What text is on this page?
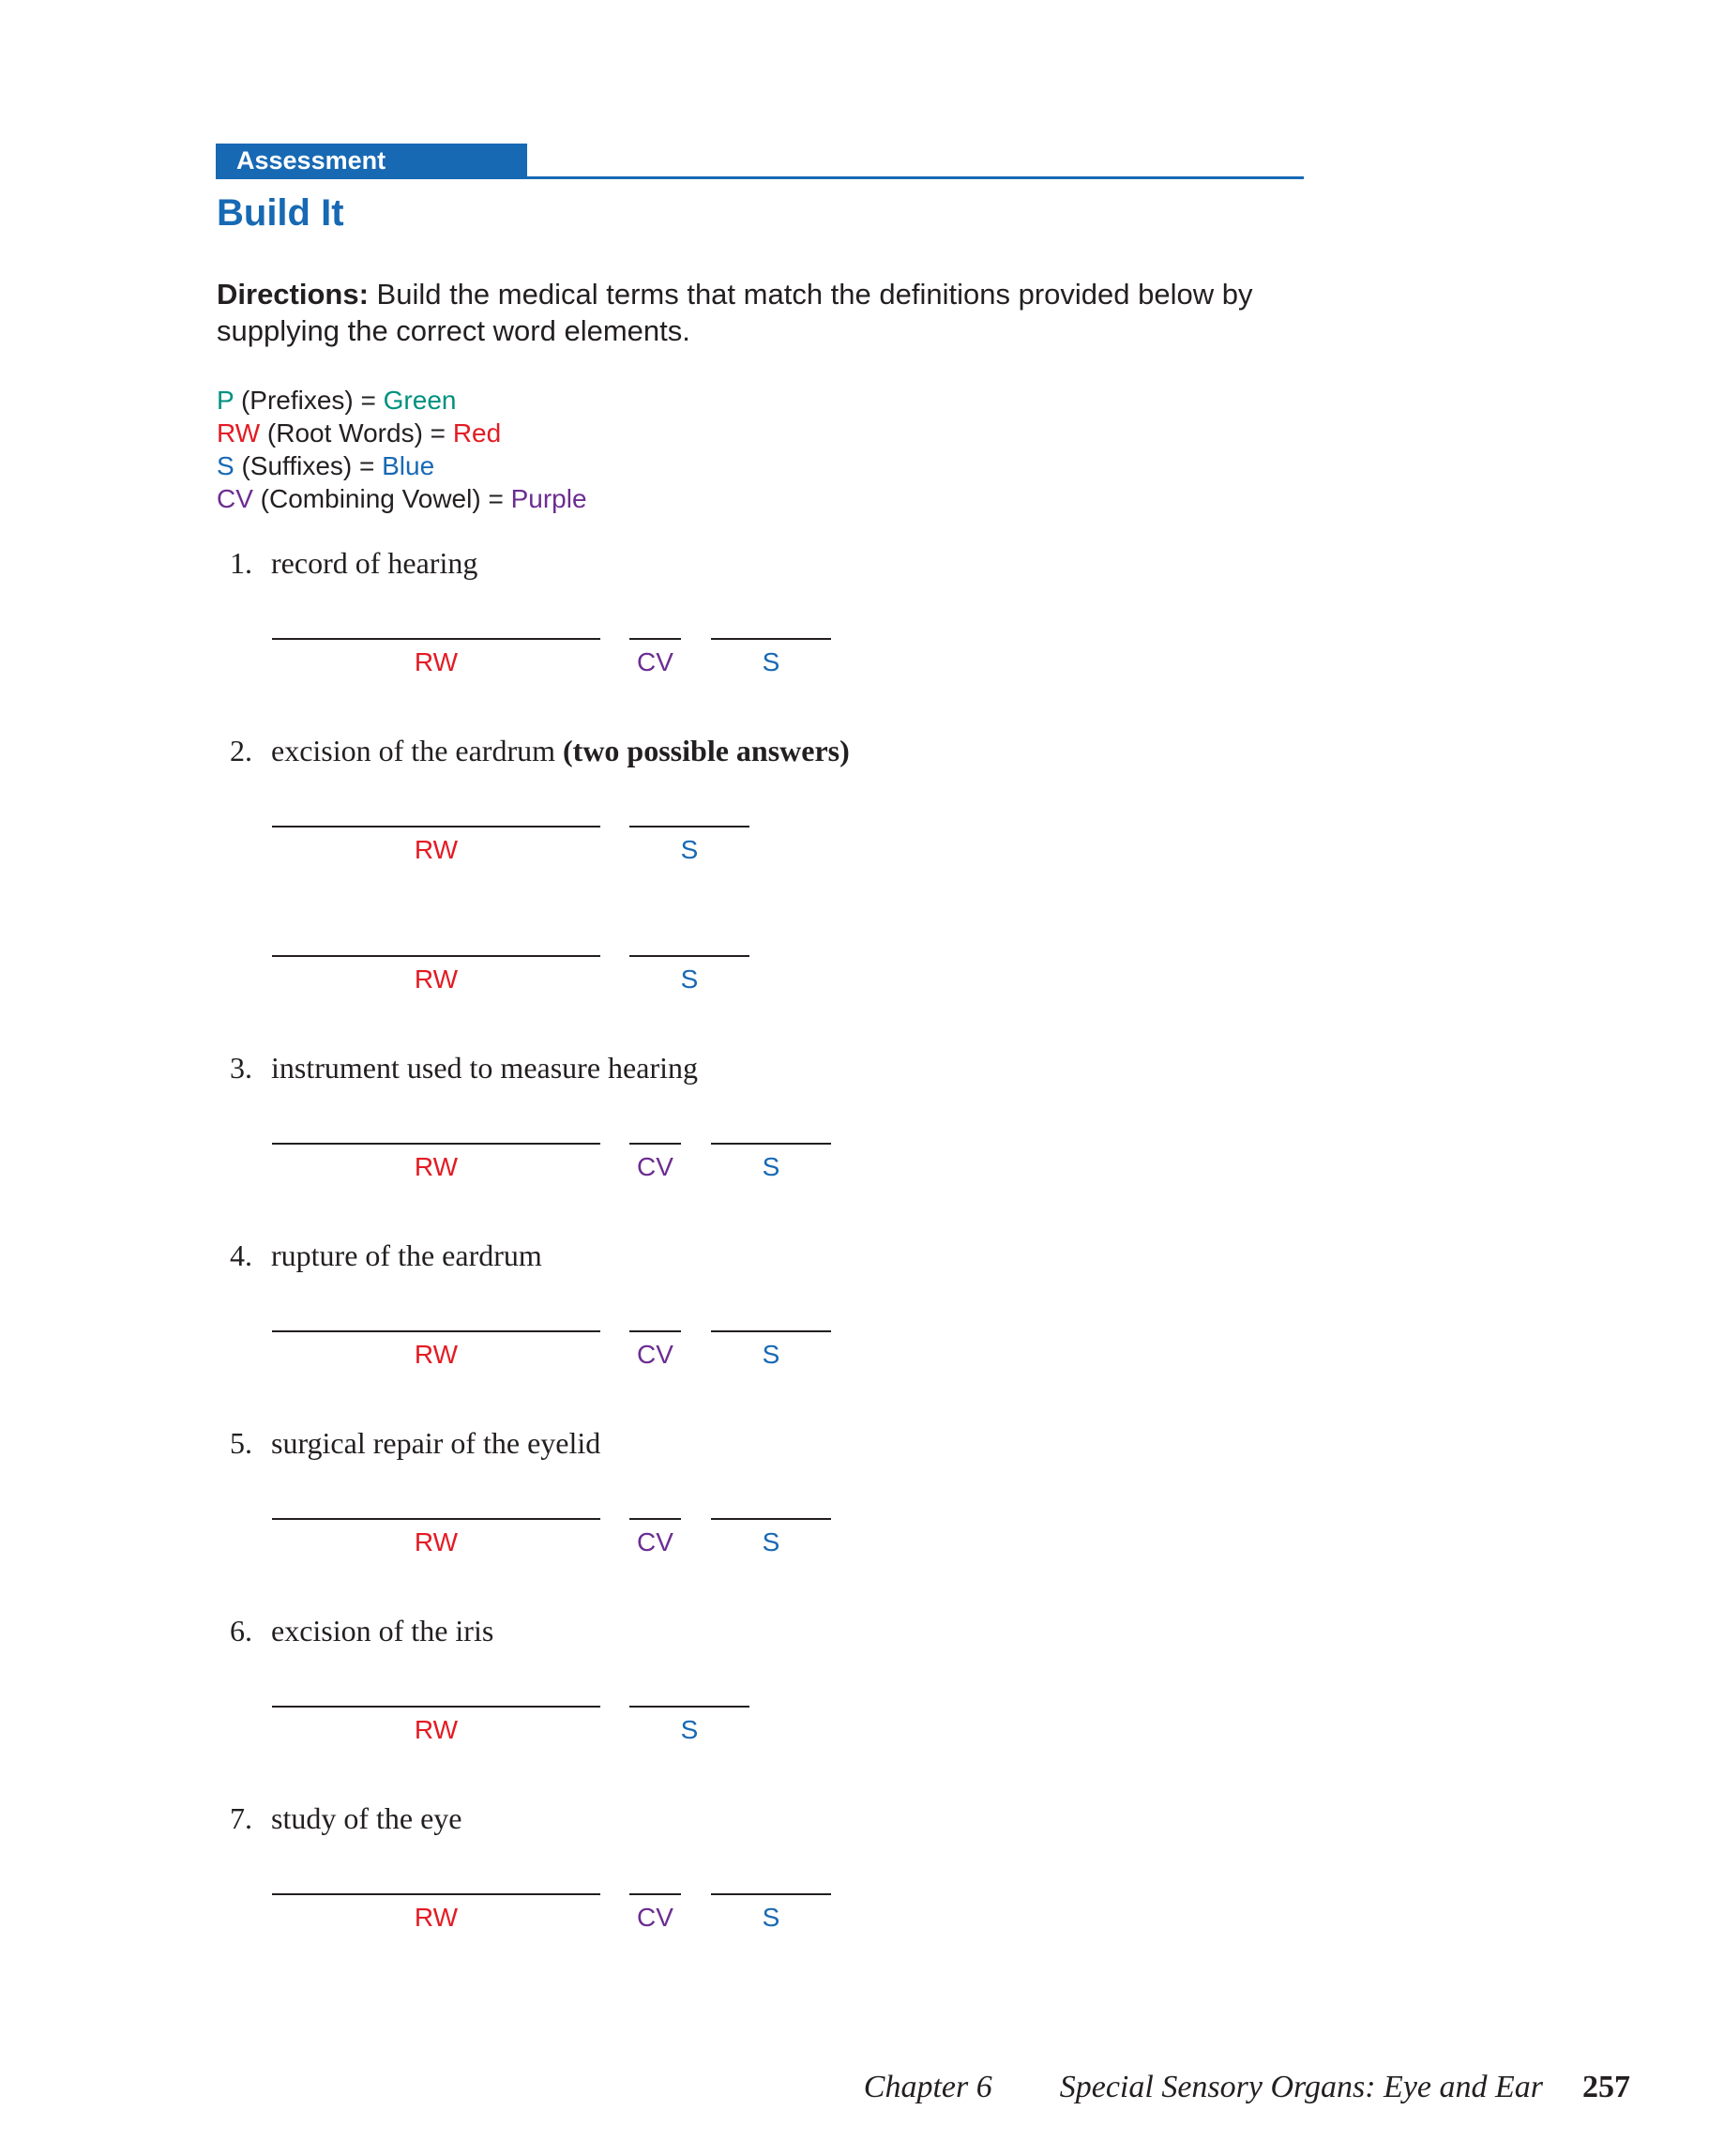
Assessment
Build It

Directions: Build the medical terms that match the definitions provided below by supplying the correct word elements.

P (Prefixes) = Green
RW (Root Words) = Red
S (Suffixes) = Blue
CV (Combining Vowel) = Purple
1. record of hearing
RW	CV	S
2. excision of the eardrum (two possible answers)
RW	S
RW	S
3. instrument used to measure hearing
RW	CV	S
4. rupture of the eardrum
RW	CV	S
5. surgical repair of the eyelid
RW	CV	S
6. excision of the iris
RW	S
7. study of the eye
RW	CV	S
Chapter 6 Special Sensory Organs: Eye and Ear 257
